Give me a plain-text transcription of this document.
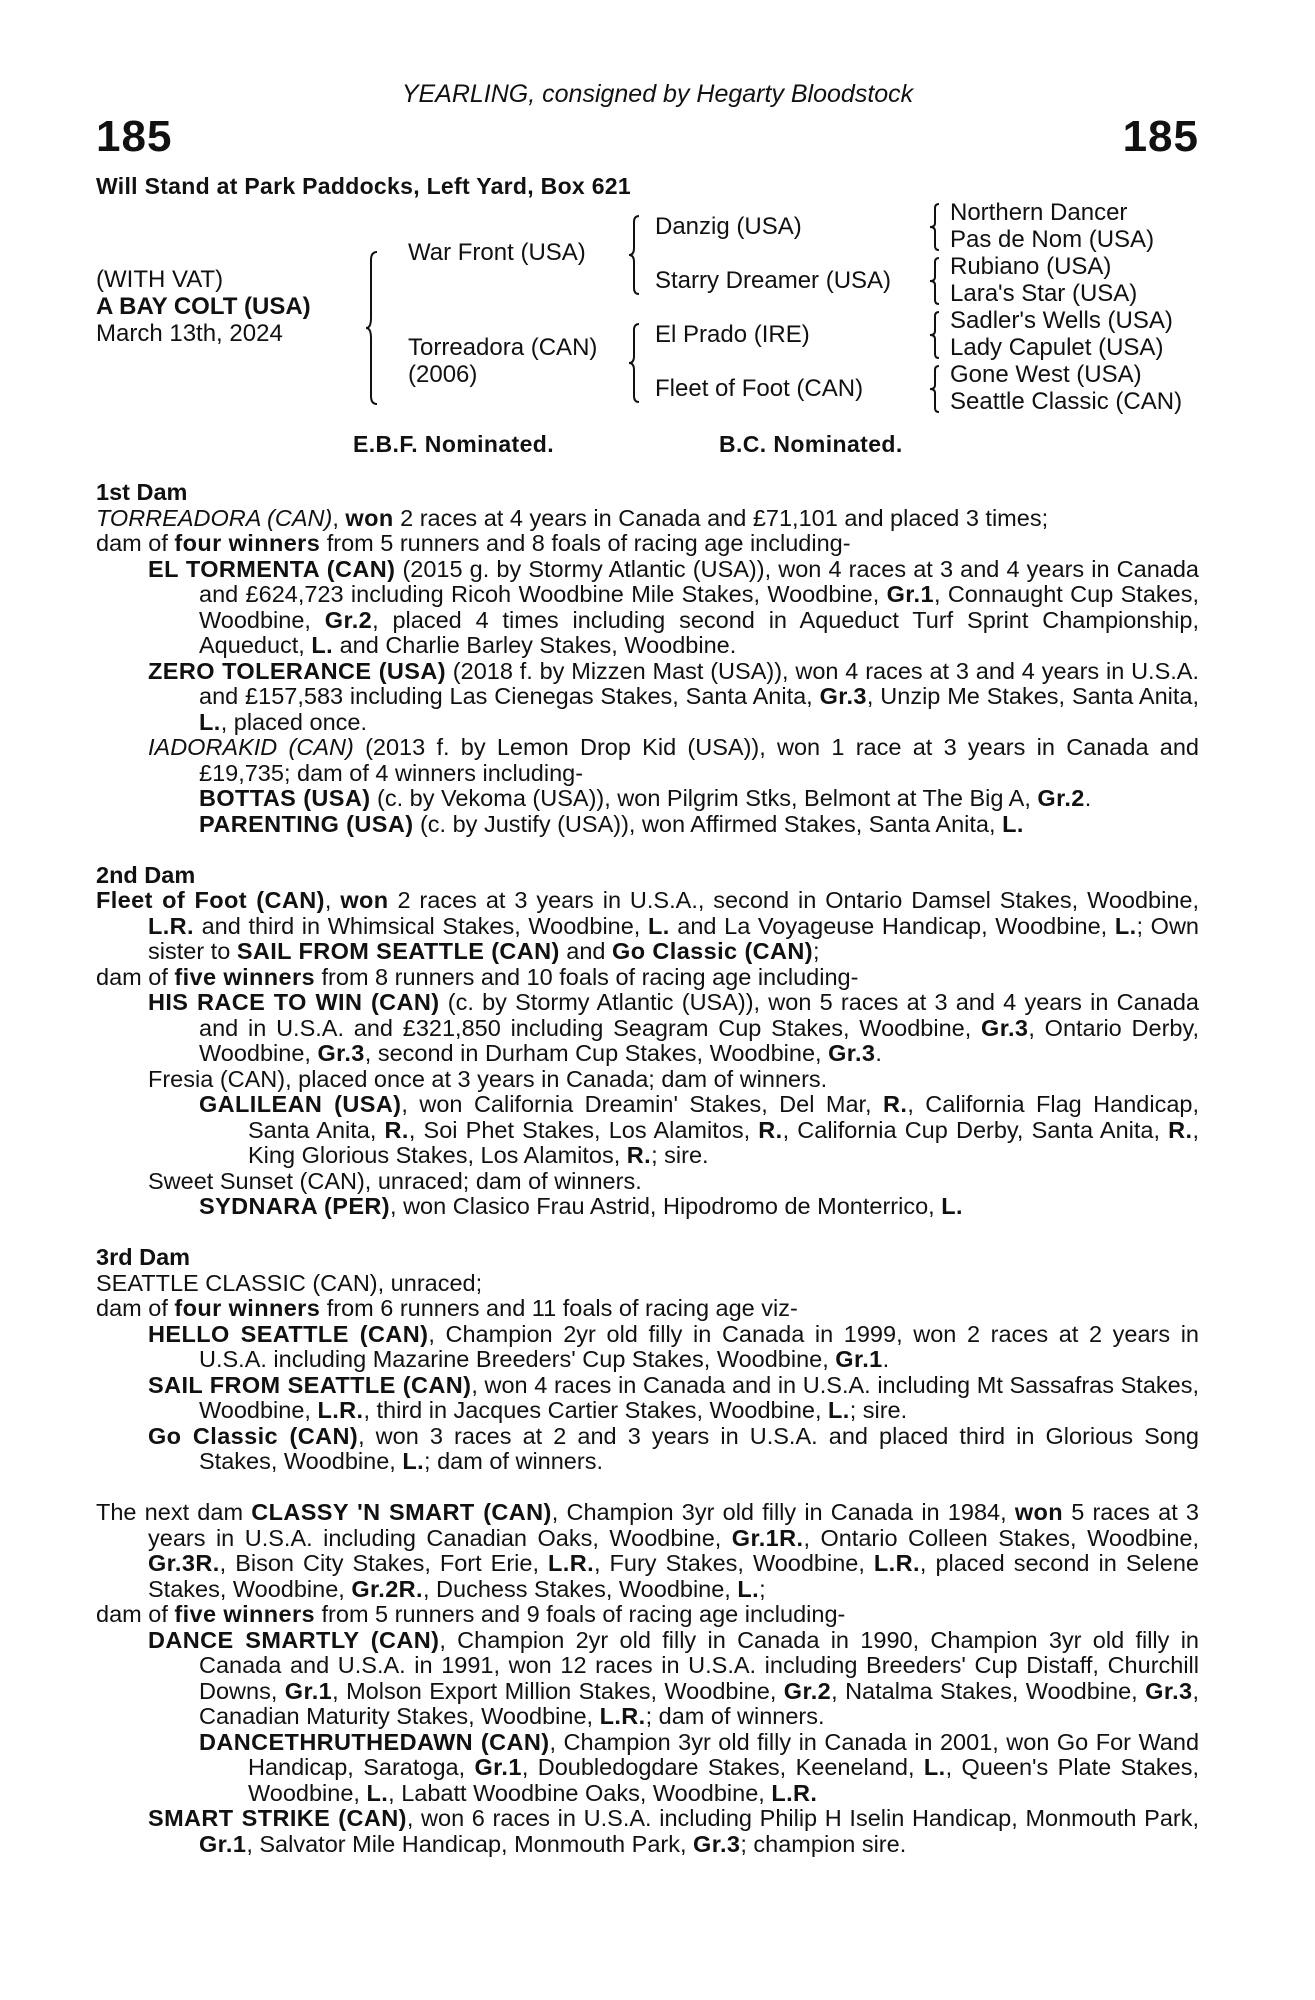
YEARLING, consigned by Hegarty Bloodstock
185	185
Will Stand at Park Paddocks, Left Yard, Box 621
(WITH VAT)
A BAY COLT (USA)
March 13th, 2024
War Front (USA)
Torreadora (CAN)
(2006)
Danzig (USA)
Starry Dreamer (USA)
El Prado (IRE)
Fleet of Foot (CAN)
Northern Dancer
Pas de Nom (USA)
Rubiano (USA)
Lara's Star (USA)
Sadler's Wells (USA)
Lady Capulet (USA)
Gone West (USA)
Seattle Classic (CAN)
E.B.F. Nominated.	B.C. Nominated.
1st Dam

TORREADORA (CAN), won 2 races at 4 years in Canada and £71,101 and placed 3 times;

dam of four winners from 5 runners and 8 foals of racing age including-

EL TORMENTA (CAN) (2015 g. by Stormy Atlantic (USA)), won 4 races at 3 and 4 years in Canada and £624,723 including Ricoh Woodbine Mile Stakes, Woodbine, Gr.1, Connaught Cup Stakes, Woodbine, Gr.2, placed 4 times including second in Aqueduct Turf Sprint Championship, Aqueduct, L. and Charlie Barley Stakes, Woodbine.

ZERO TOLERANCE (USA) (2018 f. by Mizzen Mast (USA)), won 4 races at 3 and 4 years in U.S.A. and £157,583 including Las Cienegas Stakes, Santa Anita, Gr.3, Unzip Me Stakes, Santa Anita, L., placed once.

IADORAKID (CAN) (2013 f. by Lemon Drop Kid (USA)), won 1 race at 3 years in Canada and £19,735; dam of 4 winners including-

BOTTAS (USA) (c. by Vekoma (USA)), won Pilgrim Stks, Belmont at The Big A, Gr.2.

PARENTING (USA) (c. by Justify (USA)), won Affirmed Stakes, Santa Anita, L.

2nd Dam

Fleet of Foot (CAN), won 2 races at 3 years in U.S.A., second in Ontario Damsel Stakes, Woodbine, L.R. and third in Whimsical Stakes, Woodbine, L. and La Voyageuse Handicap, Woodbine, L.; Own sister to SAIL FROM SEATTLE (CAN) and Go Classic (CAN);

dam of five winners from 8 runners and 10 foals of racing age including-

HIS RACE TO WIN (CAN) (c. by Stormy Atlantic (USA)), won 5 races at 3 and 4 years in Canada and in U.S.A. and £321,850 including Seagram Cup Stakes, Woodbine, Gr.3, Ontario Derby, Woodbine, Gr.3, second in Durham Cup Stakes, Woodbine, Gr.3.

Fresia (CAN), placed once at 3 years in Canada; dam of winners.

GALILEAN (USA), won California Dreamin' Stakes, Del Mar, R., California Flag Handicap, Santa Anita, R., Soi Phet Stakes, Los Alamitos, R., California Cup Derby, Santa Anita, R., King Glorious Stakes, Los Alamitos, R.; sire.

Sweet Sunset (CAN), unraced; dam of winners.

SYDNARA (PER), won Clasico Frau Astrid, Hipodromo de Monterrico, L.

3rd Dam

SEATTLE CLASSIC (CAN), unraced;

dam of four winners from 6 runners and 11 foals of racing age viz-

HELLO SEATTLE (CAN), Champion 2yr old filly in Canada in 1999, won 2 races at 2 years in U.S.A. including Mazarine Breeders' Cup Stakes, Woodbine, Gr.1.

SAIL FROM SEATTLE (CAN), won 4 races in Canada and in U.S.A. including Mt Sassafras Stakes, Woodbine, L.R., third in Jacques Cartier Stakes, Woodbine, L.; sire.

Go Classic (CAN), won 3 races at 2 and 3 years in U.S.A. and placed third in Glorious Song Stakes, Woodbine, L.; dam of winners.

The next dam CLASSY 'N SMART (CAN), Champion 3yr old filly in Canada in 1984, won 5 races at 3 years in U.S.A. including Canadian Oaks, Woodbine, Gr.1R., Ontario Colleen Stakes, Woodbine, Gr.3R., Bison City Stakes, Fort Erie, L.R., Fury Stakes, Woodbine, L.R., placed second in Selene Stakes, Woodbine, Gr.2R., Duchess Stakes, Woodbine, L.;

dam of five winners from 5 runners and 9 foals of racing age including-

DANCE SMARTLY (CAN), Champion 2yr old filly in Canada in 1990, Champion 3yr old filly in Canada and U.S.A. in 1991, won 12 races in U.S.A. including Breeders' Cup Distaff, Churchill Downs, Gr.1, Molson Export Million Stakes, Woodbine, Gr.2, Natalma Stakes, Woodbine, Gr.3, Canadian Maturity Stakes, Woodbine, L.R.; dam of winners.

DANCETHRUTHEDAWN (CAN), Champion 3yr old filly in Canada in 2001, won Go For Wand Handicap, Saratoga, Gr.1, Doubledogdare Stakes, Keeneland, L., Queen's Plate Stakes, Woodbine, L., Labatt Woodbine Oaks, Woodbine, L.R.

SMART STRIKE (CAN), won 6 races in U.S.A. including Philip H Iselin Handicap, Monmouth Park, Gr.1, Salvator Mile Handicap, Monmouth Park, Gr.3; champion sire.
